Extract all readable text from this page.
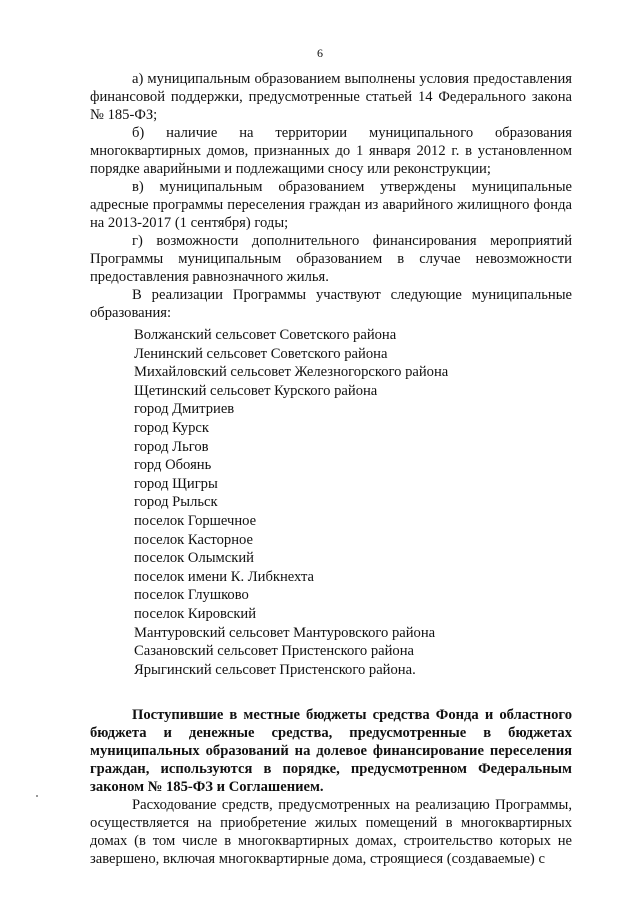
6

а) муниципальным образованием выполнены условия предоставления финансовой поддержки, предусмотренные статьей 14 Федерального закона № 185-ФЗ;

б) наличие на территории муниципального образования многоквартирных домов, признанных до 1 января 2012 г. в установленном порядке аварийными и подлежащими сносу или реконструкции;

в) муниципальным образованием утверждены муниципальные адресные программы переселения граждан из аварийного жилищного фонда на 2013-2017 (1 сентября) годы;

г) возможности дополнительного финансирования мероприятий Программы муниципальным образованием в случае невозможности предоставления равнозначного жилья.

В реализации Программы участвуют следующие муниципальные образования:

Волжанский сельсовет Советского района
Ленинский сельсовет Советского района
Михайловский сельсовет Железногорского района
Щетинский сельсовет Курского района
город Дмитриев
город Курск
город Льгов
горд Обоянь
город Щигры
город Рыльск
поселок Горшечное
поселок Касторное
поселок Олымский
поселок имени К. Либкнехта
поселок Глушково
поселок Кировский
Мантуровский сельсовет Мантуровского района
Сазановский сельсовет Пристенского района
Ярыгинский сельсовет Пристенского района.

Поступившие в местные бюджеты средства Фонда и областного бюджета и денежные средства, предусмотренные в бюджетах муниципальных образований на долевое финансирование переселения граждан, используются в порядке, предусмотренном Федеральным законом № 185-ФЗ и Соглашением.

Расходование средств, предусмотренных на реализацию Программы, осуществляется на приобретение жилых помещений в многоквартирных домах (в том числе в многоквартирных домах, строительство которых не завершено, включая многоквартирные дома, строящиеся (создаваемые) с
